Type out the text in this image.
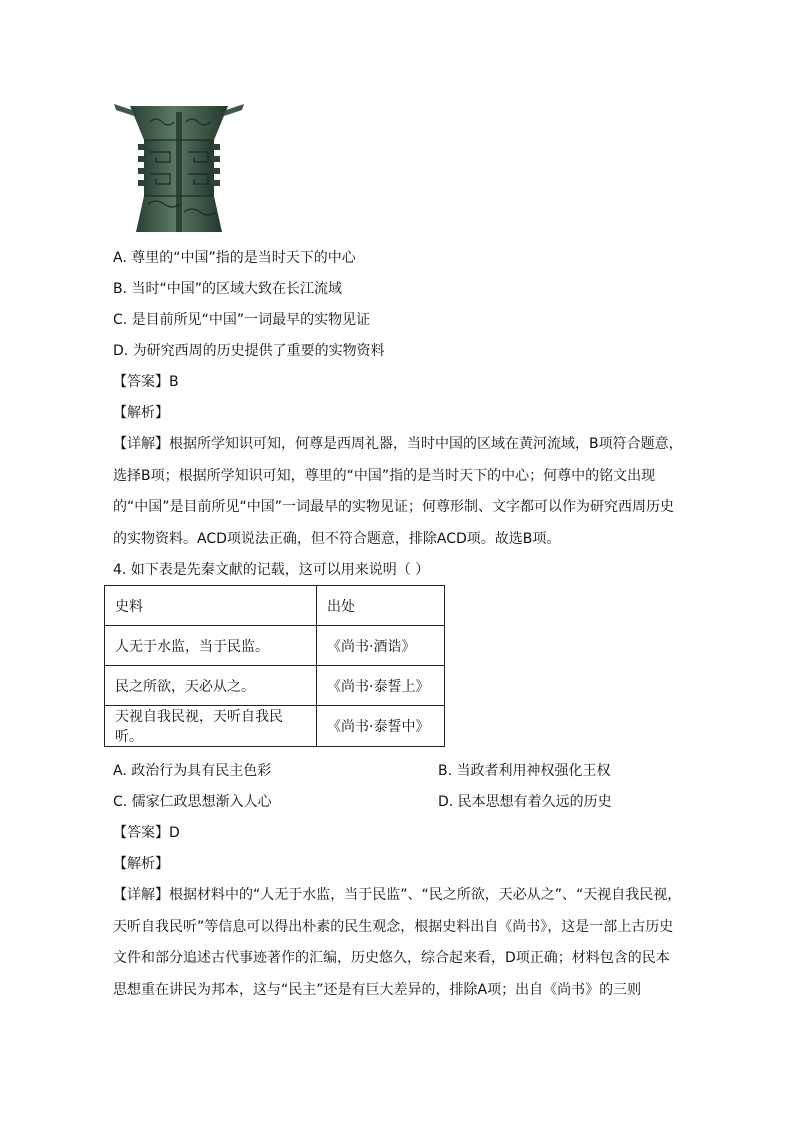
A. 尊里的“中国”指的是当时天下的中心
B. 当时“中国”的区域大致在长江流域
C. 是目前所见“中国”一词最早的实物见证
D. 为研究西周的历史提供了重要的实物资料
【答案】B
【解析】
【详解】根据所学知识可知，何尊是西周礼器，当时中国的区域在黄河流域，B项符合题意，选择B项；根据所学知识可知，尊里的“中国”指的是当时天下的中心；何尊中的铭文出现的“中国”是目前所见“中国”一词最早的实物见证；何尊形制、文字都可以作为研究西周历史的实物资料。ACD项说法正确，但不符合题意，排除ACD项。故选B项。
4. 如下表是先秦文献的记载，这可以用来说明（ ）
史料	出处
人无于水监，当于民监。	《尚书·酒诰》
民之所欲，天必从之。	《尚书·泰誓上》
天视自我民视，天听自我民听。	《尚书·泰誓中》
A. 政治行为具有民主色彩	B. 当政者利用神权强化王权
C. 儒家仁政思想渐入人心	D. 民本思想有着久远的历史
【答案】D
【解析】
【详解】根据材料中的“人无于水监，当于民监”、“民之所欲，天必从之”、“天视自我民视，天听自我民听”等信息可以得出朴素的民生观念，根据史料出自《尚书》，这是一部上古历史文件和部分追述古代事迹著作的汇编，历史悠久，综合起来看，D项正确；材料包含的民本思想重在讲民为邦本，这与“民主”还是有巨大差异的，排除A项；出自《尚书》的三则
